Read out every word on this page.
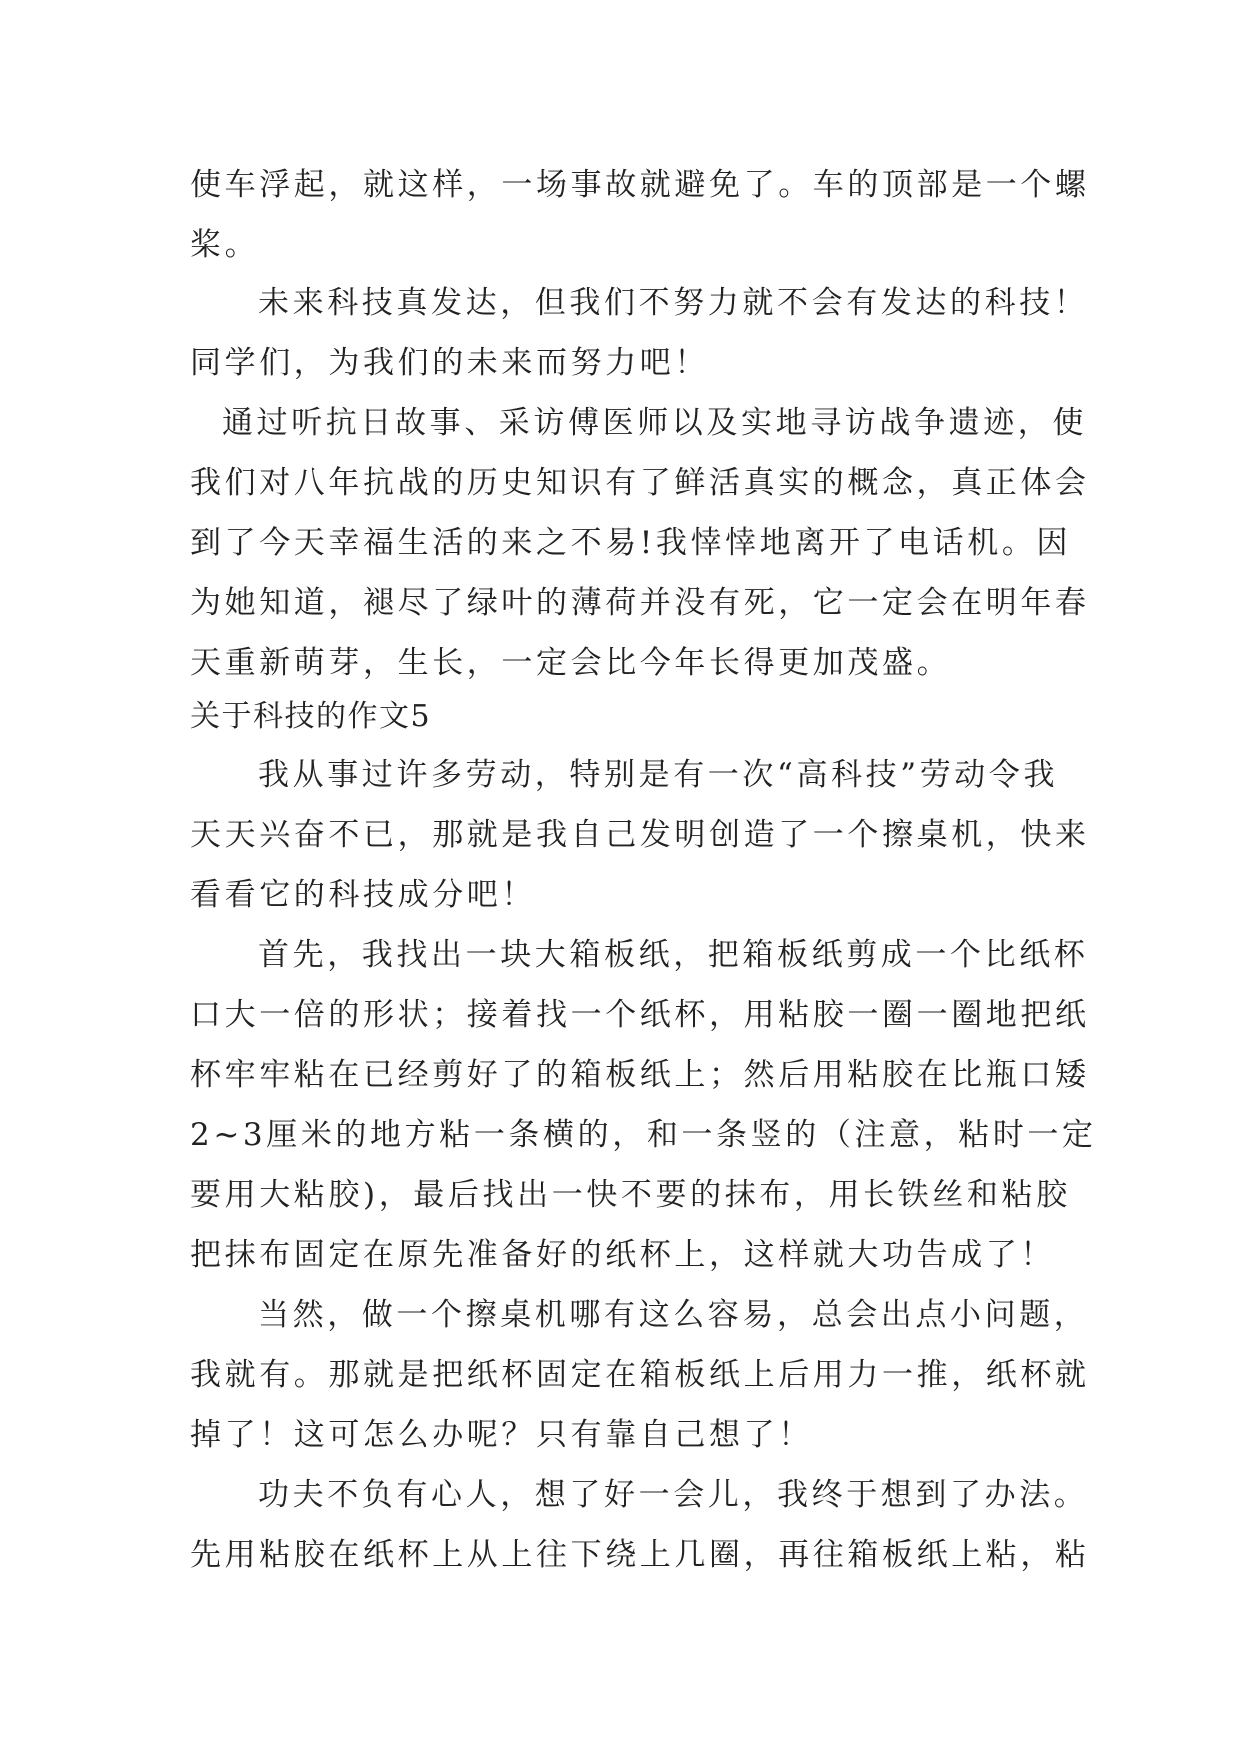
使车浮起，就这样，一场事故就避免了。车的顶部是一个螺
桨。
未来科技真发达，但我们不努力就不会有发达的科技！
同学们，为我们的未来而努力吧！
通过听抗日故事、采访傅医师以及实地寻访战争遗迹，使
我们对八年抗战的历史知识有了鲜活真实的概念，真正体会
到了今天幸福生活的来之不易!我悻悻地离开了电话机。因
为她知道，褪尽了绿叶的薄荷并没有死，它一定会在明年春
天重新萌芽，生长，一定会比今年长得更加茂盛。
关于科技的作文5
我从事过许多劳动，特别是有一次“高科技”劳动令我
天天兴奋不已，那就是我自己发明创造了一个擦桌机，快来
看看它的科技成分吧！
首先，我找出一块大箱板纸，把箱板纸剪成一个比纸杯
口大一倍的形状；接着找一个纸杯，用粘胶一圈一圈地把纸
杯牢牢粘在已经剪好了的箱板纸上；然后用粘胶在比瓶口矮
2~3厘米的地方粘一条横的，和一条竖的（注意，粘时一定
要用大粘胶)，最后找出一快不要的抹布，用长铁丝和粘胶
把抹布固定在原先准备好的纸杯上，这样就大功告成了！
当然，做一个擦桌机哪有这么容易，总会出点小问题，
我就有。那就是把纸杯固定在箱板纸上后用力一推，纸杯就
掉了！这可怎么办呢？只有靠自己想了！
功夫不负有心人，想了好一会儿，我终于想到了办法。
先用粘胶在纸杯上从上往下绕上几圈，再往箱板纸上粘，粘
